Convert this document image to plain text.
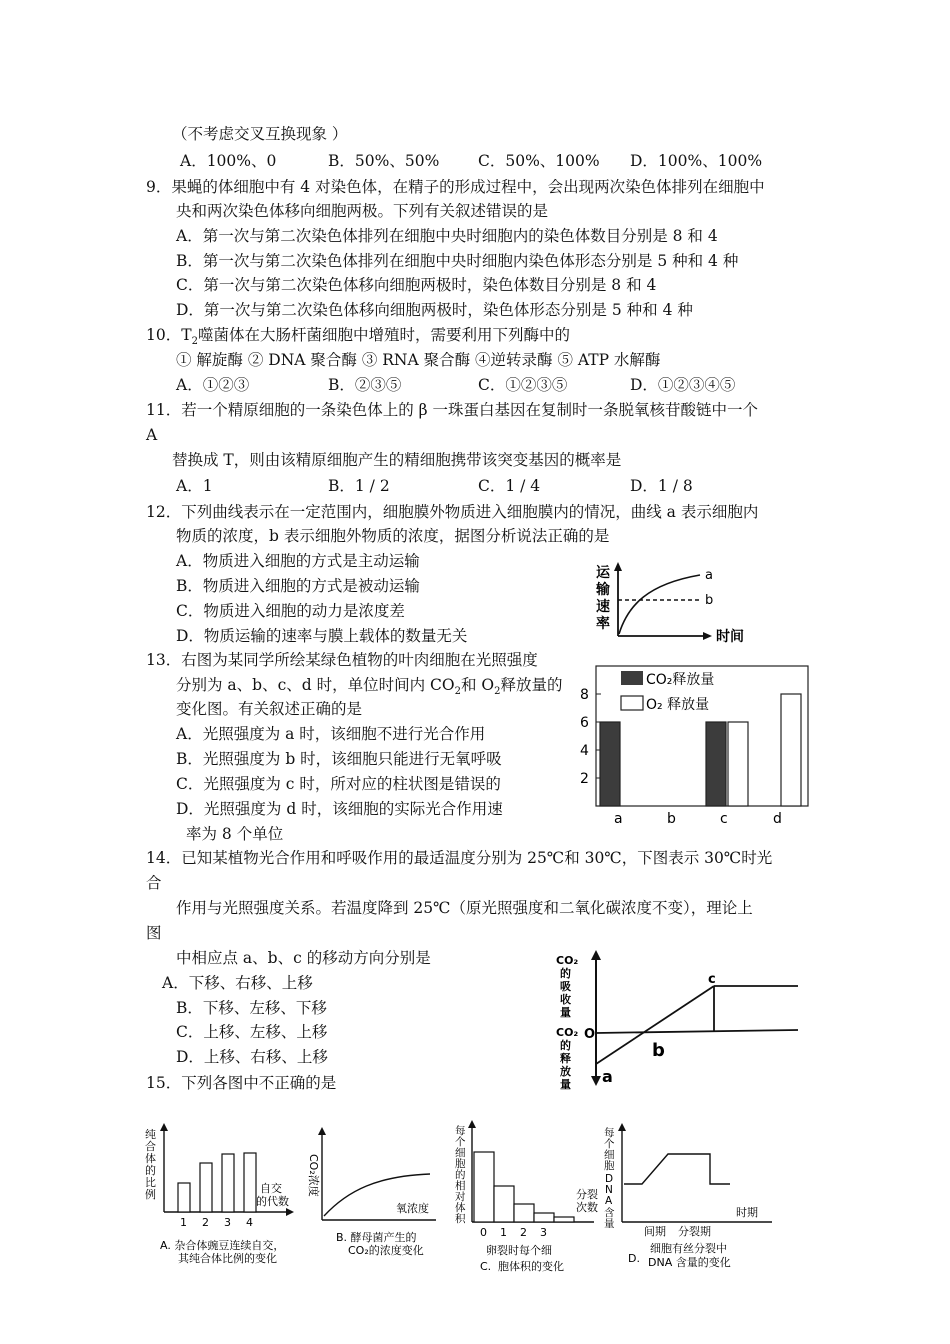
（不考虑交叉互换现象 ）
A．100%、0	B．50%、50% C．50%、100% D．100%、100%
9．果蝇的体细胞中有 4 对染色体，在精子的形成过程中，会出现两次染色体排列在细胞中
央和两次染色体移向细胞两极。下列有关叙述错误的是
A．第一次与第二次染色体排列在细胞中央时细胞内的染色体数目分别是 8 和 4
B．第一次与第二次染色体排列在细胞中央时细胞内染色体形态分别是 5 种和 4 种
C．第一次与第二次染色体移向细胞两极时，染色体数目分别是 8 和 4
D．第一次与第二次染色体移向细胞两极时，染色体形态分别是 5 种和 4 种
10．$T_2$噬菌体在大肠杆菌细胞中增殖时，需要利用下列酶中的
① 解旋酶 ② DNA 聚合酶 ③ RNA 聚合酶 ④逆转录酶 ⑤ ATP 水解酶
A．①②③	B．②③⑤	C．①②③⑤	D．①②③④⑤
11．若一个精原细胞的一条染色体上的 β 一珠蛋白基因在复制时一条脱氧核苷酸链中一个
A
替换成 T，则由该精原细胞产生的精细胞携带该突变基因的概率是
A．1	B．1 / 2	C．1 / 4	D．1 / 8
12．下列曲线表示在一定范围内，细胞膜外物质进入细胞膜内的情况，曲线 a 表示细胞内
物质的浓度，b 表示细胞外物质的浓度，据图分析说法正确的是
A．物质进入细胞的方式是主动运输
B．物质进入细胞的方式是被动运输
C．物质进入细胞的动力是浓度差
D．物质运输的速率与膜上载体的数量无关
运
输
速
率
a
b
时间
13．右图为某同学所绘某绿色植物的叶肉细胞在光照强度
分别为 a、b、c、d 时，单位时间内 $CO_2$和 $O_2$释放量的
变化图。有关叙述正确的是
A．光照强度为 a 时，该细胞不进行光合作用
B．光照强度为 b 时，该细胞只能进行无氧呼吸
C．光照强度为 c 时，所对应的柱状图是错误的
D．光照强度为 d 时，该细胞的实际光合作用速
率为 8 个单位
CO₂释放量
O₂ 释放量
2
4
6
8
a	b	c	d
14．已知某植物光合作用和呼吸作用的最适温度分别为 25℃和 30℃，下图表示 30℃时光
合
作用与光照强度关系。若温度降到 25℃（原光照强度和二氧化碳浓度不变），理论上
图
中相应点 a、b、c 的移动方向分别是
A．下移、右移、上移
B．下移、左移、下移
C．上移、左移、上移
D．上移、右移、上移
CO₂
的
吸
收
量
CO₂
的
释
放
量
O
a
b
c
15．下列各图中不正确的是
纯
合
体
的
比
例
1 2 3 4
自交
的代数
A. 杂合体豌豆连续自交，
其纯合体比例的变化
CO₂浓度
氧浓度
B. 酵母菌产生的
CO₂的浓度变化
每
个
细
胞
的
相
对
体
积
0 1 2 3
分裂
次数
卵裂时每个细
C. 胞体积的变化
每
个
细
胞
D
N
A
含
量
时期
间期 分裂期
细胞有丝分裂中
D. DNA 含量的变化
